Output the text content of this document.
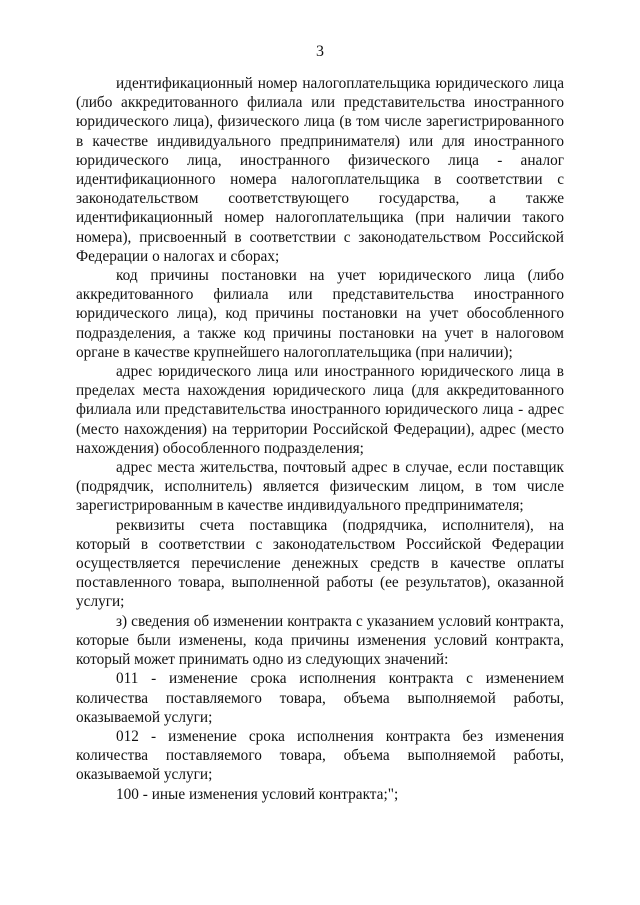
3

идентификационный номер налогоплательщика юридического лица (либо аккредитованного филиала или представительства иностранного юридического лица), физического лица (в том числе зарегистрированного в качестве индивидуального предпринимателя) или для иностранного юридического лица, иностранного физического лица - аналог идентификационного номера налогоплательщика в соответствии с законодательством соответствующего государства, а также идентификационный номер налогоплательщика (при наличии такого номера), присвоенный в соответствии с законодательством Российской Федерации о налогах и сборах;

код причины постановки на учет юридического лица (либо аккредитованного филиала или представительства иностранного юридического лица), код причины постановки на учет обособленного подразделения, а также код причины постановки на учет в налоговом органе в качестве крупнейшего налогоплательщика (при наличии);

адрес юридического лица или иностранного юридического лица в пределах места нахождения юридического лица (для аккредитованного филиала или представительства иностранного юридического лица - адрес (место нахождения) на территории Российской Федерации), адрес (место нахождения) обособленного подразделения;

адрес места жительства, почтовый адрес в случае, если поставщик (подрядчик, исполнитель) является физическим лицом, в том числе зарегистрированным в качестве индивидуального предпринимателя;

реквизиты счета поставщика (подрядчика, исполнителя), на который в соответствии с законодательством Российской Федерации осуществляется перечисление денежных средств в качестве оплаты поставленного товара, выполненной работы (ее результатов), оказанной услуги;

з) сведения об изменении контракта с указанием условий контракта, которые были изменены, кода причины изменения условий контракта, который может принимать одно из следующих значений:

011 - изменение срока исполнения контракта с изменением количества поставляемого товара, объема выполняемой работы, оказываемой услуги;

012 - изменение срока исполнения контракта без изменения количества поставляемого товара, объема выполняемой работы, оказываемой услуги;

100 - иные изменения условий контракта;";
